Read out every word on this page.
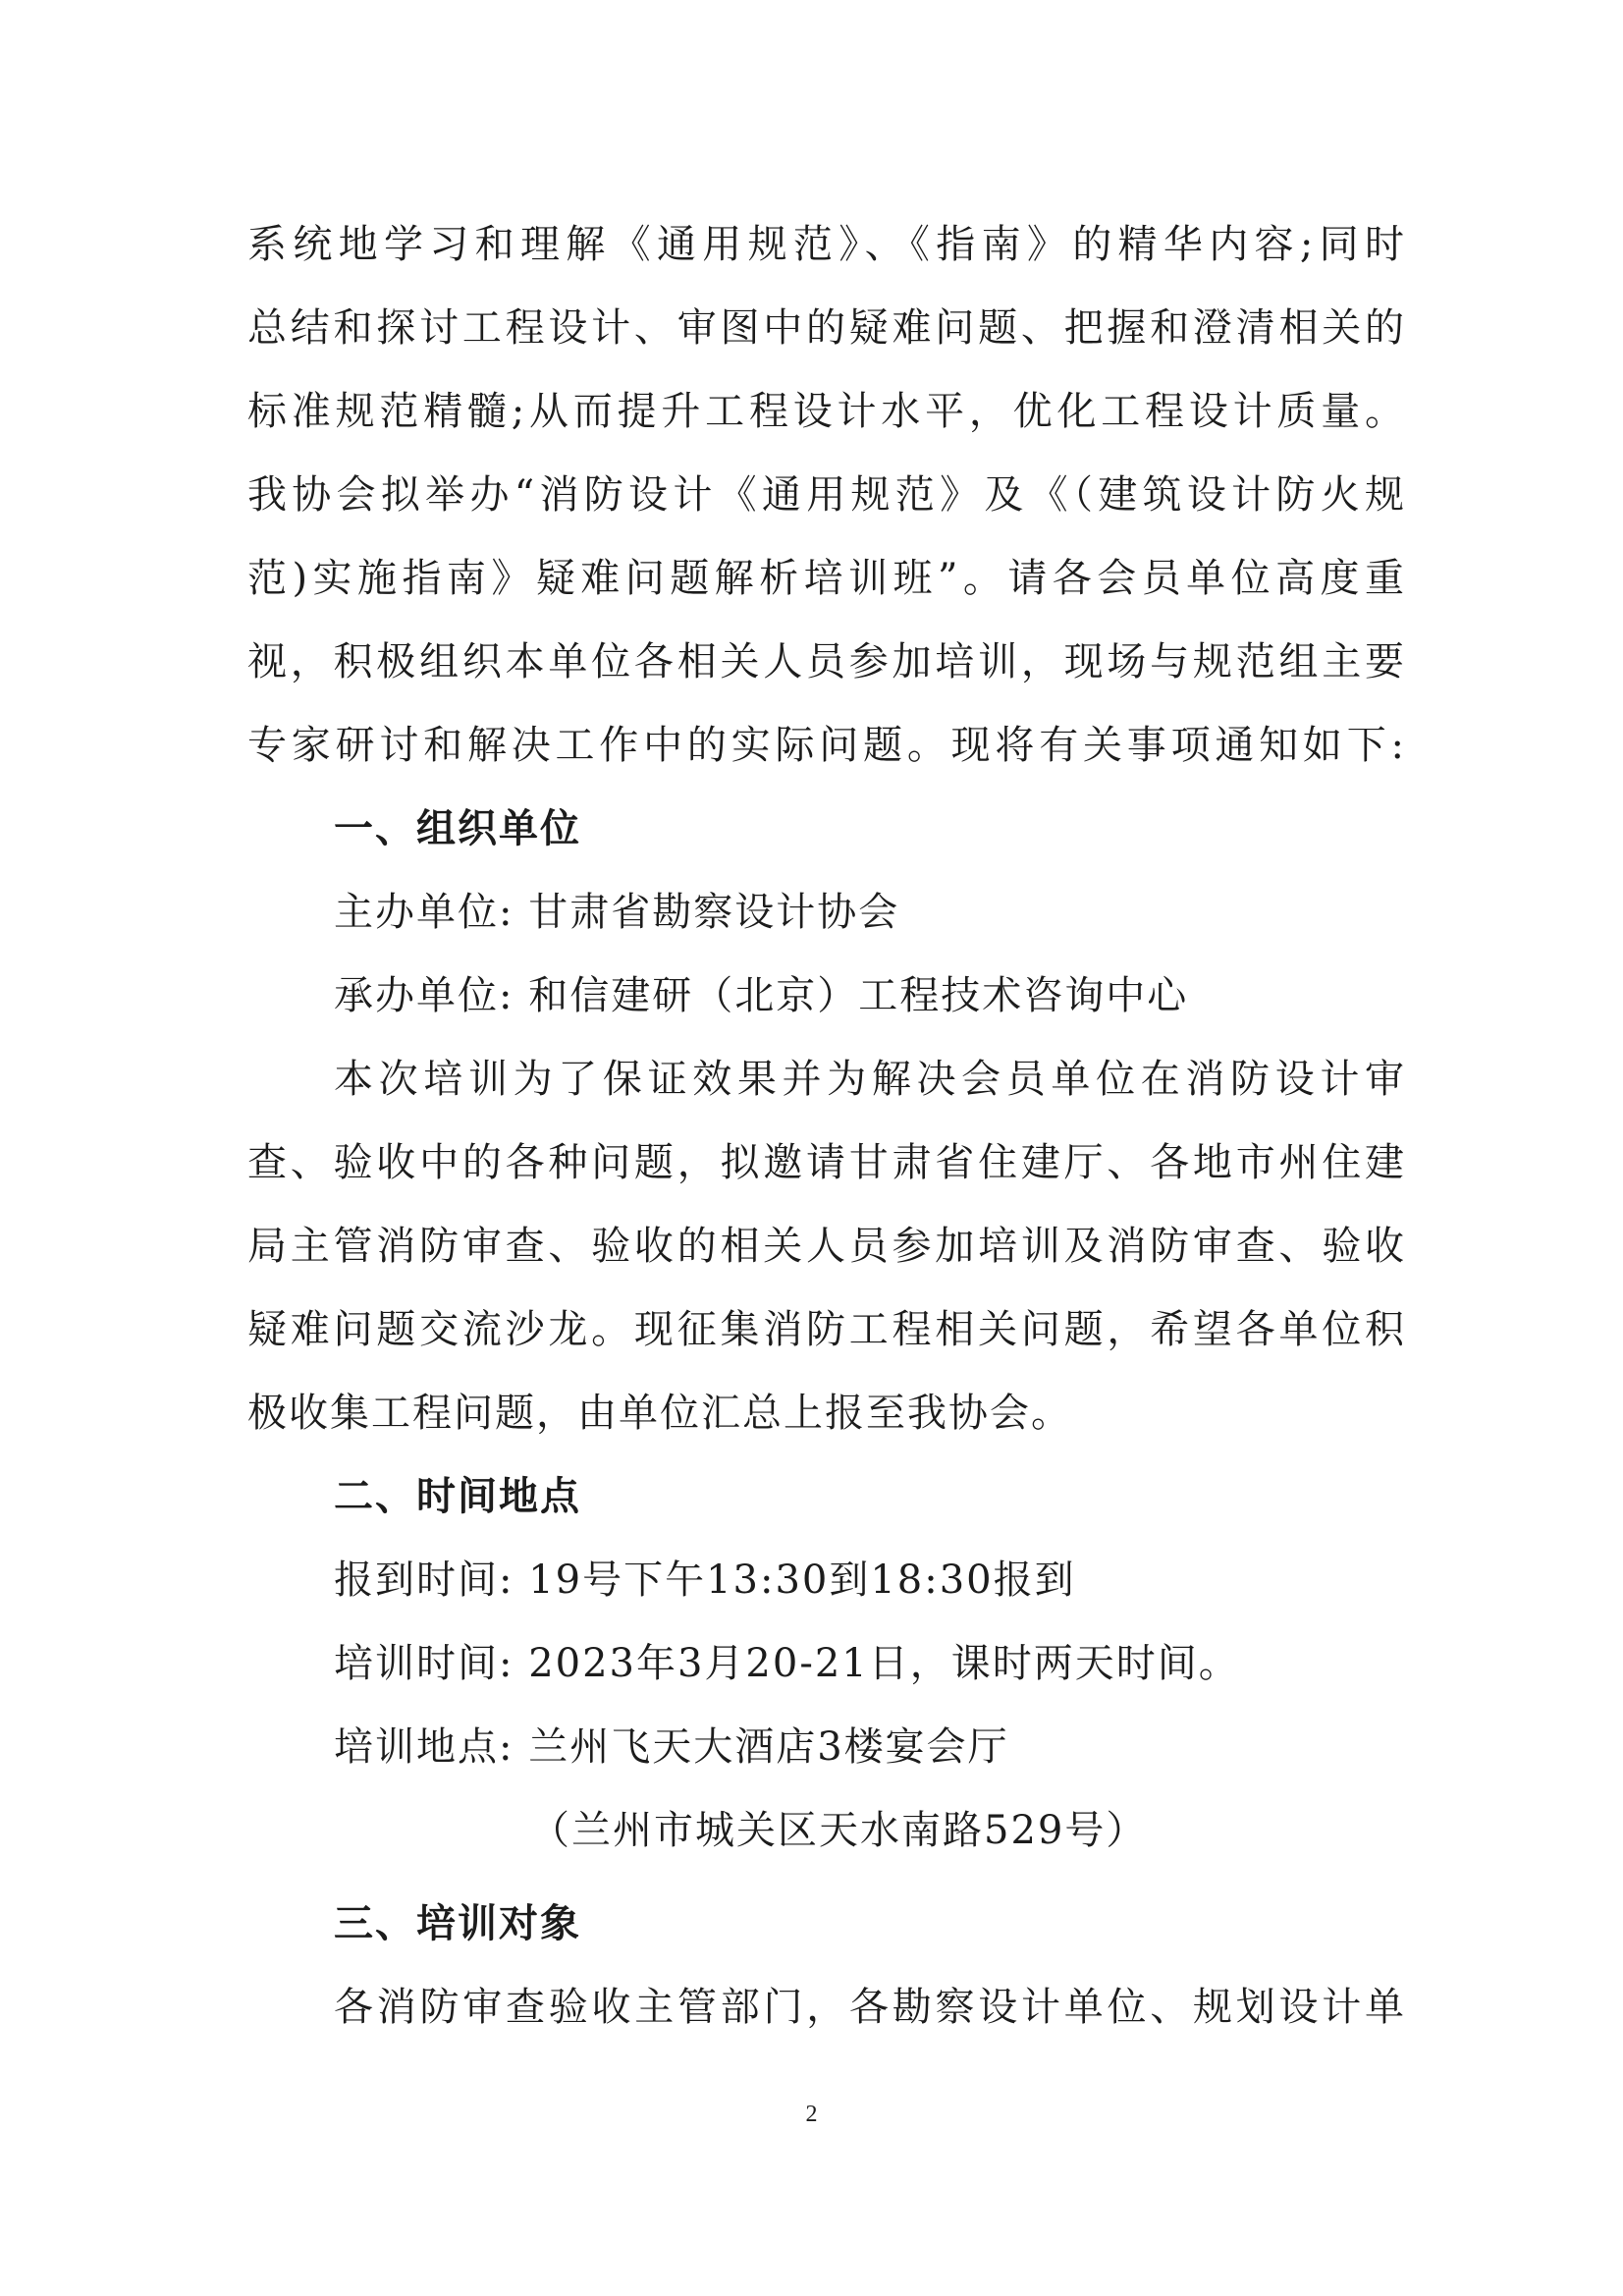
系统地学习和理解《通用规范》、《指南》的精华内容;同时
总结和探讨工程设计、审图中的疑难问题、把握和澄清相关的
标准规范精髓;从而提升工程设计水平，优化工程设计质量。
我协会拟举办“消防设计《通用规范》及《（建筑设计防火规
范)实施指南》疑难问题解析培训班”。请各会员单位高度重
视，积极组织本单位各相关人员参加培训，现场与规范组主要
专家研讨和解决工作中的实际问题。现将有关事项通知如下:
一、组织单位
主办单位: 甘肃省勘察设计协会
承办单位: 和信建研（北京）工程技术咨询中心
本次培训为了保证效果并为解决会员单位在消防设计审
查、验收中的各种问题，拟邀请甘肃省住建厅、各地市州住建
局主管消防审查、验收的相关人员参加培训及消防审查、验收
疑难问题交流沙龙。现征集消防工程相关问题，希望各单位积
极收集工程问题，由单位汇总上报至我协会。
二、时间地点
报到时间: 19号下午13:30到18:30报到
培训时间: 2023年3月20-21日，课时两天时间。
培训地点: 兰州飞天大酒店3楼宴会厅
（兰州市城关区天水南路529号）
三、培训对象
各消防审查验收主管部门，各勘察设计单位、规划设计单
2
